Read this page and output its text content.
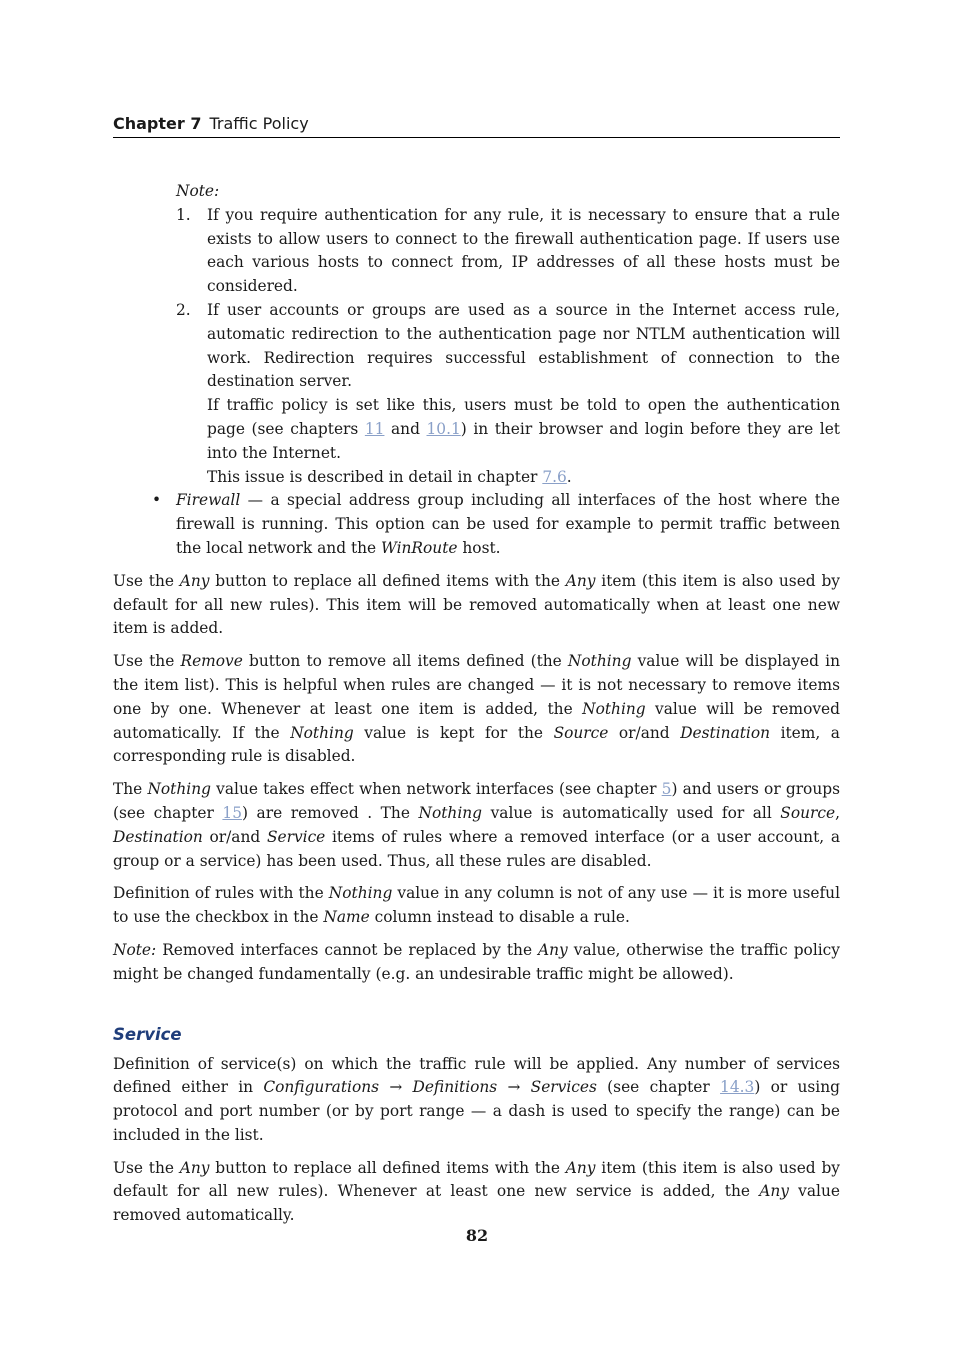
Chapter 7 Traffic Policy

Note:

1. If you require authentication for any rule, it is necessary to ensure that a rule exists to allow users to connect to the firewall authentication page. If users use each various hosts to connect from, IP addresses of all these hosts must be considered.

2. If user accounts or groups are used as a source in the Internet access rule, automatic redirection to the authentication page nor NTLM authentication will work. Redirection requires successful establishment of connection to the destination server.

If traffic policy is set like this, users must be told to open the authentication page (see chapters 11 and 10.1) in their browser and login before they are let into the Internet.

This issue is described in detail in chapter 7.6.

• Firewall — a special address group including all interfaces of the host where the firewall is running. This option can be used for example to permit traffic between the local network and the WinRoute host.

Use the Any button to replace all defined items with the Any item (this item is also used by default for all new rules). This item will be removed automatically when at least one new item is added.

Use the Remove button to remove all items defined (the Nothing value will be displayed in the item list). This is helpful when rules are changed — it is not necessary to remove items one by one. Whenever at least one item is added, the Nothing value will be removed automatically. If the Nothing value is kept for the Source or/and Destination item, a corresponding rule is disabled.

The Nothing value takes effect when network interfaces (see chapter 5) and users or groups (see chapter 15) are removed . The Nothing value is automatically used for all Source, Destination or/and Service items of rules where a removed interface (or a user account, a group or a service) has been used. Thus, all these rules are disabled.

Definition of rules with the Nothing value in any column is not of any use — it is more useful to use the checkbox in the Name column instead to disable a rule.

Note: Removed interfaces cannot be replaced by the Any value, otherwise the traffic policy might be changed fundamentally (e.g. an undesirable traffic might be allowed).

Service

Definition of service(s) on which the traffic rule will be applied. Any number of services defined either in Configurations → Definitions → Services (see chapter 14.3) or using protocol and port number (or by port range — a dash is used to specify the range) can be included in the list.

Use the Any button to replace all defined items with the Any item (this item is also used by default for all new rules). Whenever at least one new service is added, the Any value removed automatically.

82
